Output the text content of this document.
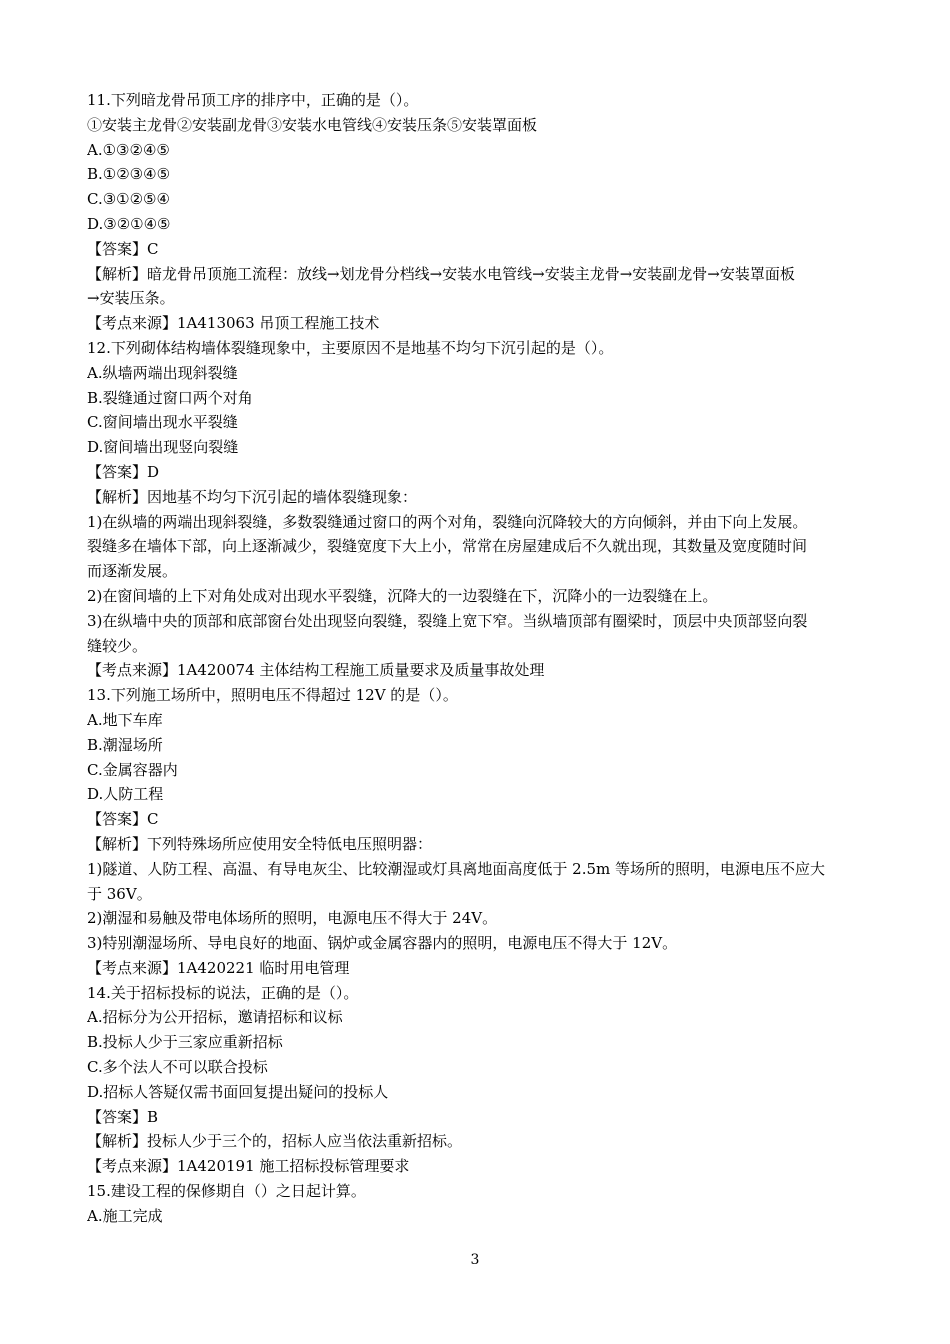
11.下列暗龙骨吊顶工序的排序中，正确的是（）。
①安装主龙骨②安装副龙骨③安装水电管线④安装压条⑤安装罩面板
A.①③②④⑤
B.①②③④⑤
C.③①②⑤④
D.③②①④⑤
【答案】C
【解析】暗龙骨吊顶施工流程：放线→划龙骨分档线→安装水电管线→安装主龙骨→安装副龙骨→安装罩面板
→安装压条。
【考点来源】1A413063 吊顶工程施工技术
12.下列砌体结构墙体裂缝现象中，主要原因不是地基不均匀下沉引起的是（）。
A.纵墙两端出现斜裂缝
B.裂缝通过窗口两个对角
C.窗间墙出现水平裂缝
D.窗间墙出现竖向裂缝
【答案】D
【解析】因地基不均匀下沉引起的墙体裂缝现象：
1)在纵墙的两端出现斜裂缝，多数裂缝通过窗口的两个对角，裂缝向沉降较大的方向倾斜，并由下向上发展。
裂缝多在墙体下部，向上逐渐减少，裂缝宽度下大上小，常常在房屋建成后不久就出现，其数量及宽度随时间
而逐渐发展。
2)在窗间墙的上下对角处成对出现水平裂缝，沉降大的一边裂缝在下，沉降小的一边裂缝在上。
3)在纵墙中央的顶部和底部窗台处出现竖向裂缝，裂缝上宽下窄。当纵墙顶部有圈梁时，顶层中央顶部竖向裂
缝较少。
【考点来源】1A420074 主体结构工程施工质量要求及质量事故处理
13.下列施工场所中，照明电压不得超过 12V 的是（）。
A.地下车库
B.潮湿场所
C.金属容器内
D.人防工程
【答案】C
【解析】下列特殊场所应使用安全特低电压照明器：
1)隧道、人防工程、高温、有导电灰尘、比较潮湿或灯具离地面高度低于 2.5m 等场所的照明，电源电压不应大
于 36V。
2)潮湿和易触及带电体场所的照明，电源电压不得大于 24V。
3)特别潮湿场所、导电良好的地面、锅炉或金属容器内的照明，电源电压不得大于 12V。
【考点来源】1A420221 临时用电管理
14.关于招标投标的说法，正确的是（）。
A.招标分为公开招标，邀请招标和议标
B.投标人少于三家应重新招标
C.多个法人不可以联合投标
D.招标人答疑仅需书面回复提出疑问的投标人
【答案】B
【解析】投标人少于三个的，招标人应当依法重新招标。
【考点来源】1A420191 施工招标投标管理要求
15.建设工程的保修期自（）之日起计算。
A.施工完成
3
